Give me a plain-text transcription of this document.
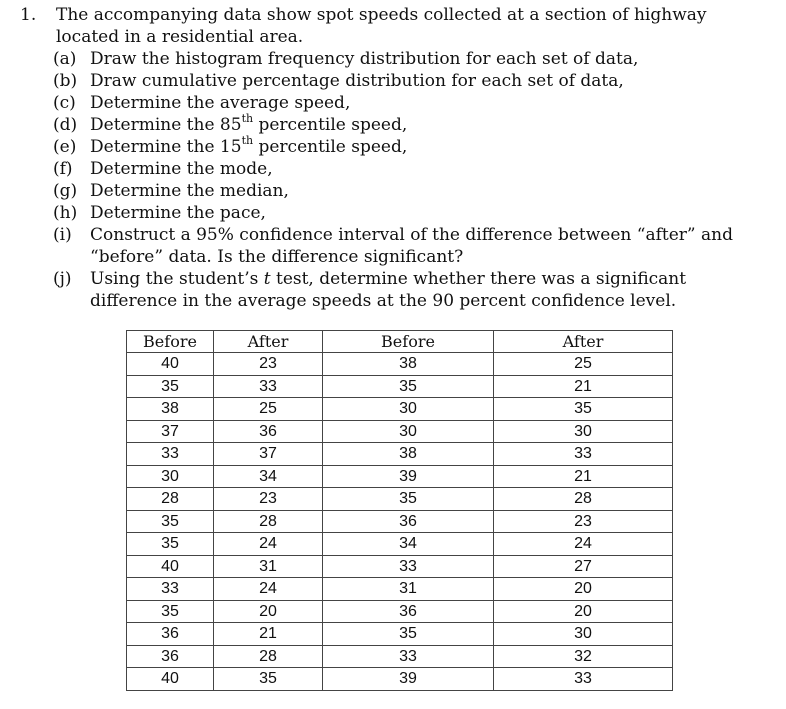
1. The accompanying data show spot speeds collected at a section of highway located in a residential area.
(a) Draw the histogram frequency distribution for each set of data,
(b) Draw cumulative percentage distribution for each set of data,
(c) Determine the average speed,
(d) Determine the 85th percentile speed,
(e) Determine the 15th percentile speed,
(f) Determine the mode,
(g) Determine the median,
(h) Determine the pace,
(i) Construct a 95% confidence interval of the difference between “after” and “before” data. Is the difference significant?
(j) Using the student’s t test, determine whether there was a significant difference in the average speeds at the 90 percent confidence level.
Before	After	Before	After
40	23	38	25
35	33	35	21
38	25	30	35
37	36	30	30
33	37	38	33
30	34	39	21
28	23	35	28
35	28	36	23
35	24	34	24
40	31	33	27
33	24	31	20
35	20	36	20
36	21	35	30
36	28	33	32
40	35	39	33
